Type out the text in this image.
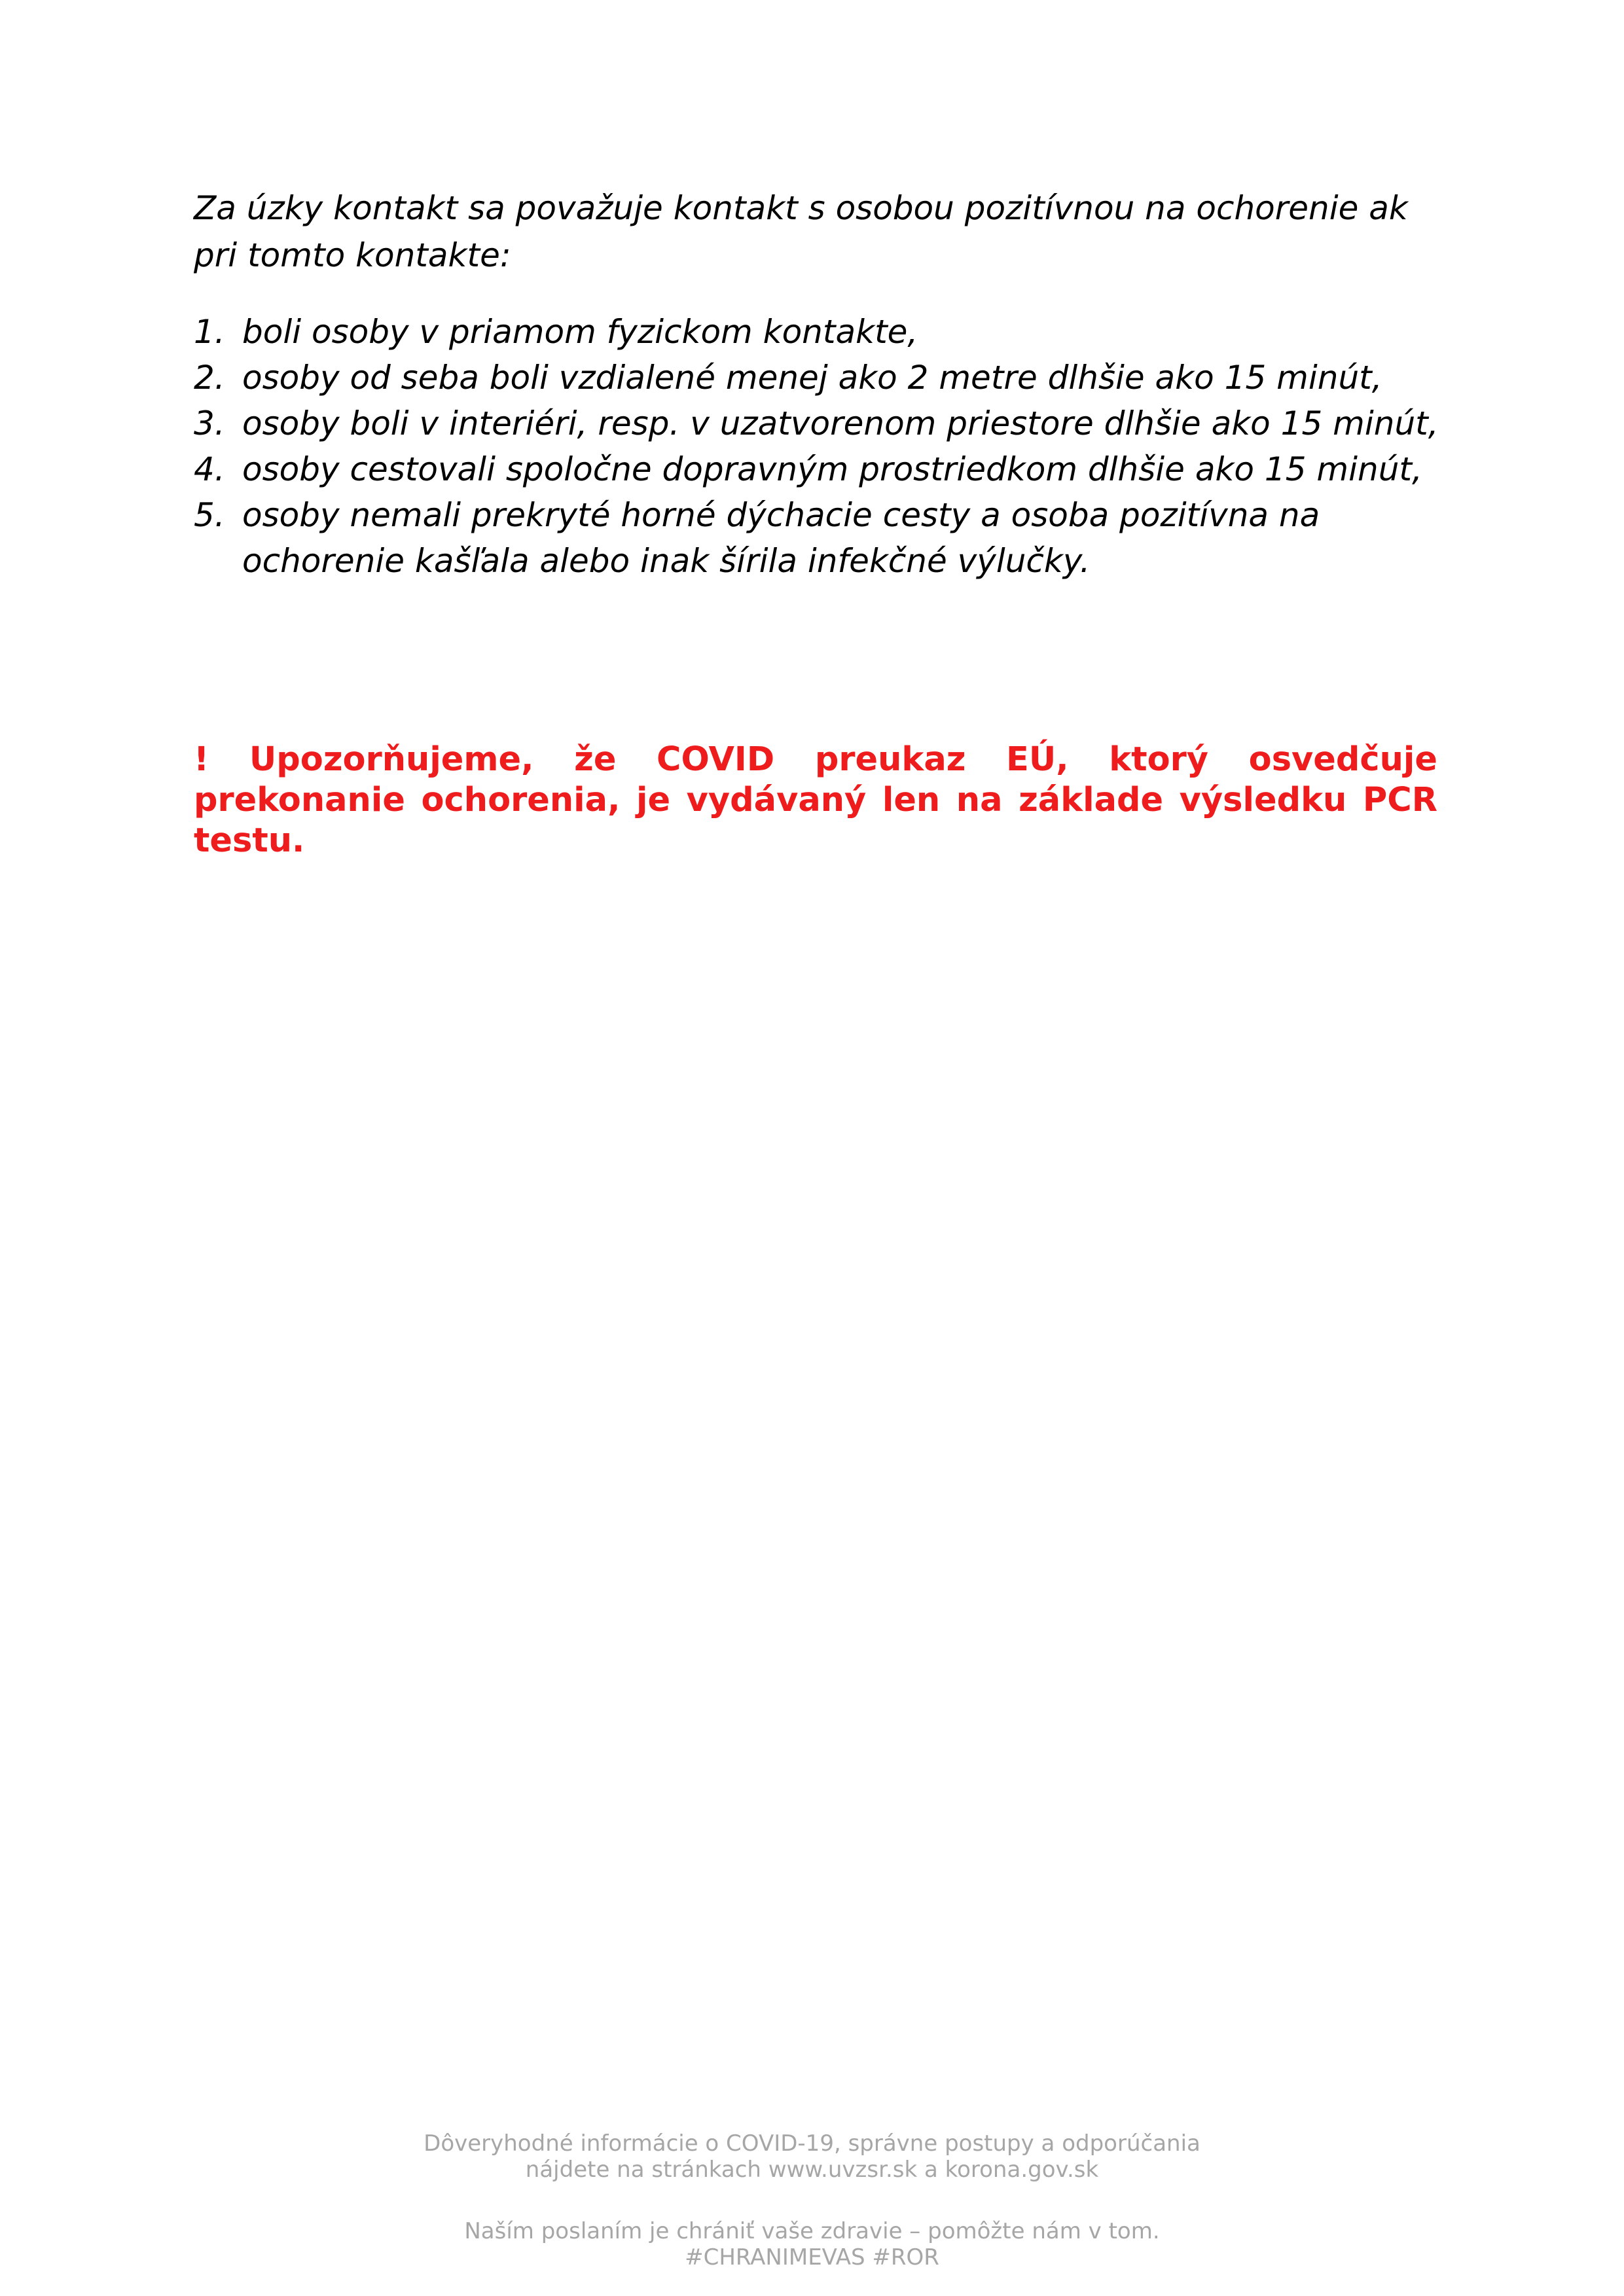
Za úzky kontakt sa považuje kontakt s osobou pozitívnou na ochorenie ak pri tomto kontakte:

1. boli osoby v priamom fyzickom kontakte,
2. osoby od seba boli vzdialené menej ako 2 metre dlhšie ako 15 minút,
3. osoby boli v interiéri, resp. v uzatvorenom priestore dlhšie ako 15 minút,
4. osoby cestovali spoločne dopravným prostriedkom dlhšie ako 15 minút,
5. osoby nemali prekryté horné dýchacie cesty a osoba pozitívna na ochorenie kašľala alebo inak šírila infekčné výlučky.

! Upozorňujeme, že COVID preukaz EÚ, ktorý osvedčuje prekonanie ochorenia, je vydávaný len na základe výsledku PCR testu.

Dôveryhodné informácie o COVID-19, správne postupy a odporúčania

nájdete na stránkach www.uvzsr.sk a korona.gov.sk

Naším poslaním je chrániť vaše zdravie – pomôžte nám v tom.

#CHRANIMEVAS #ROR
